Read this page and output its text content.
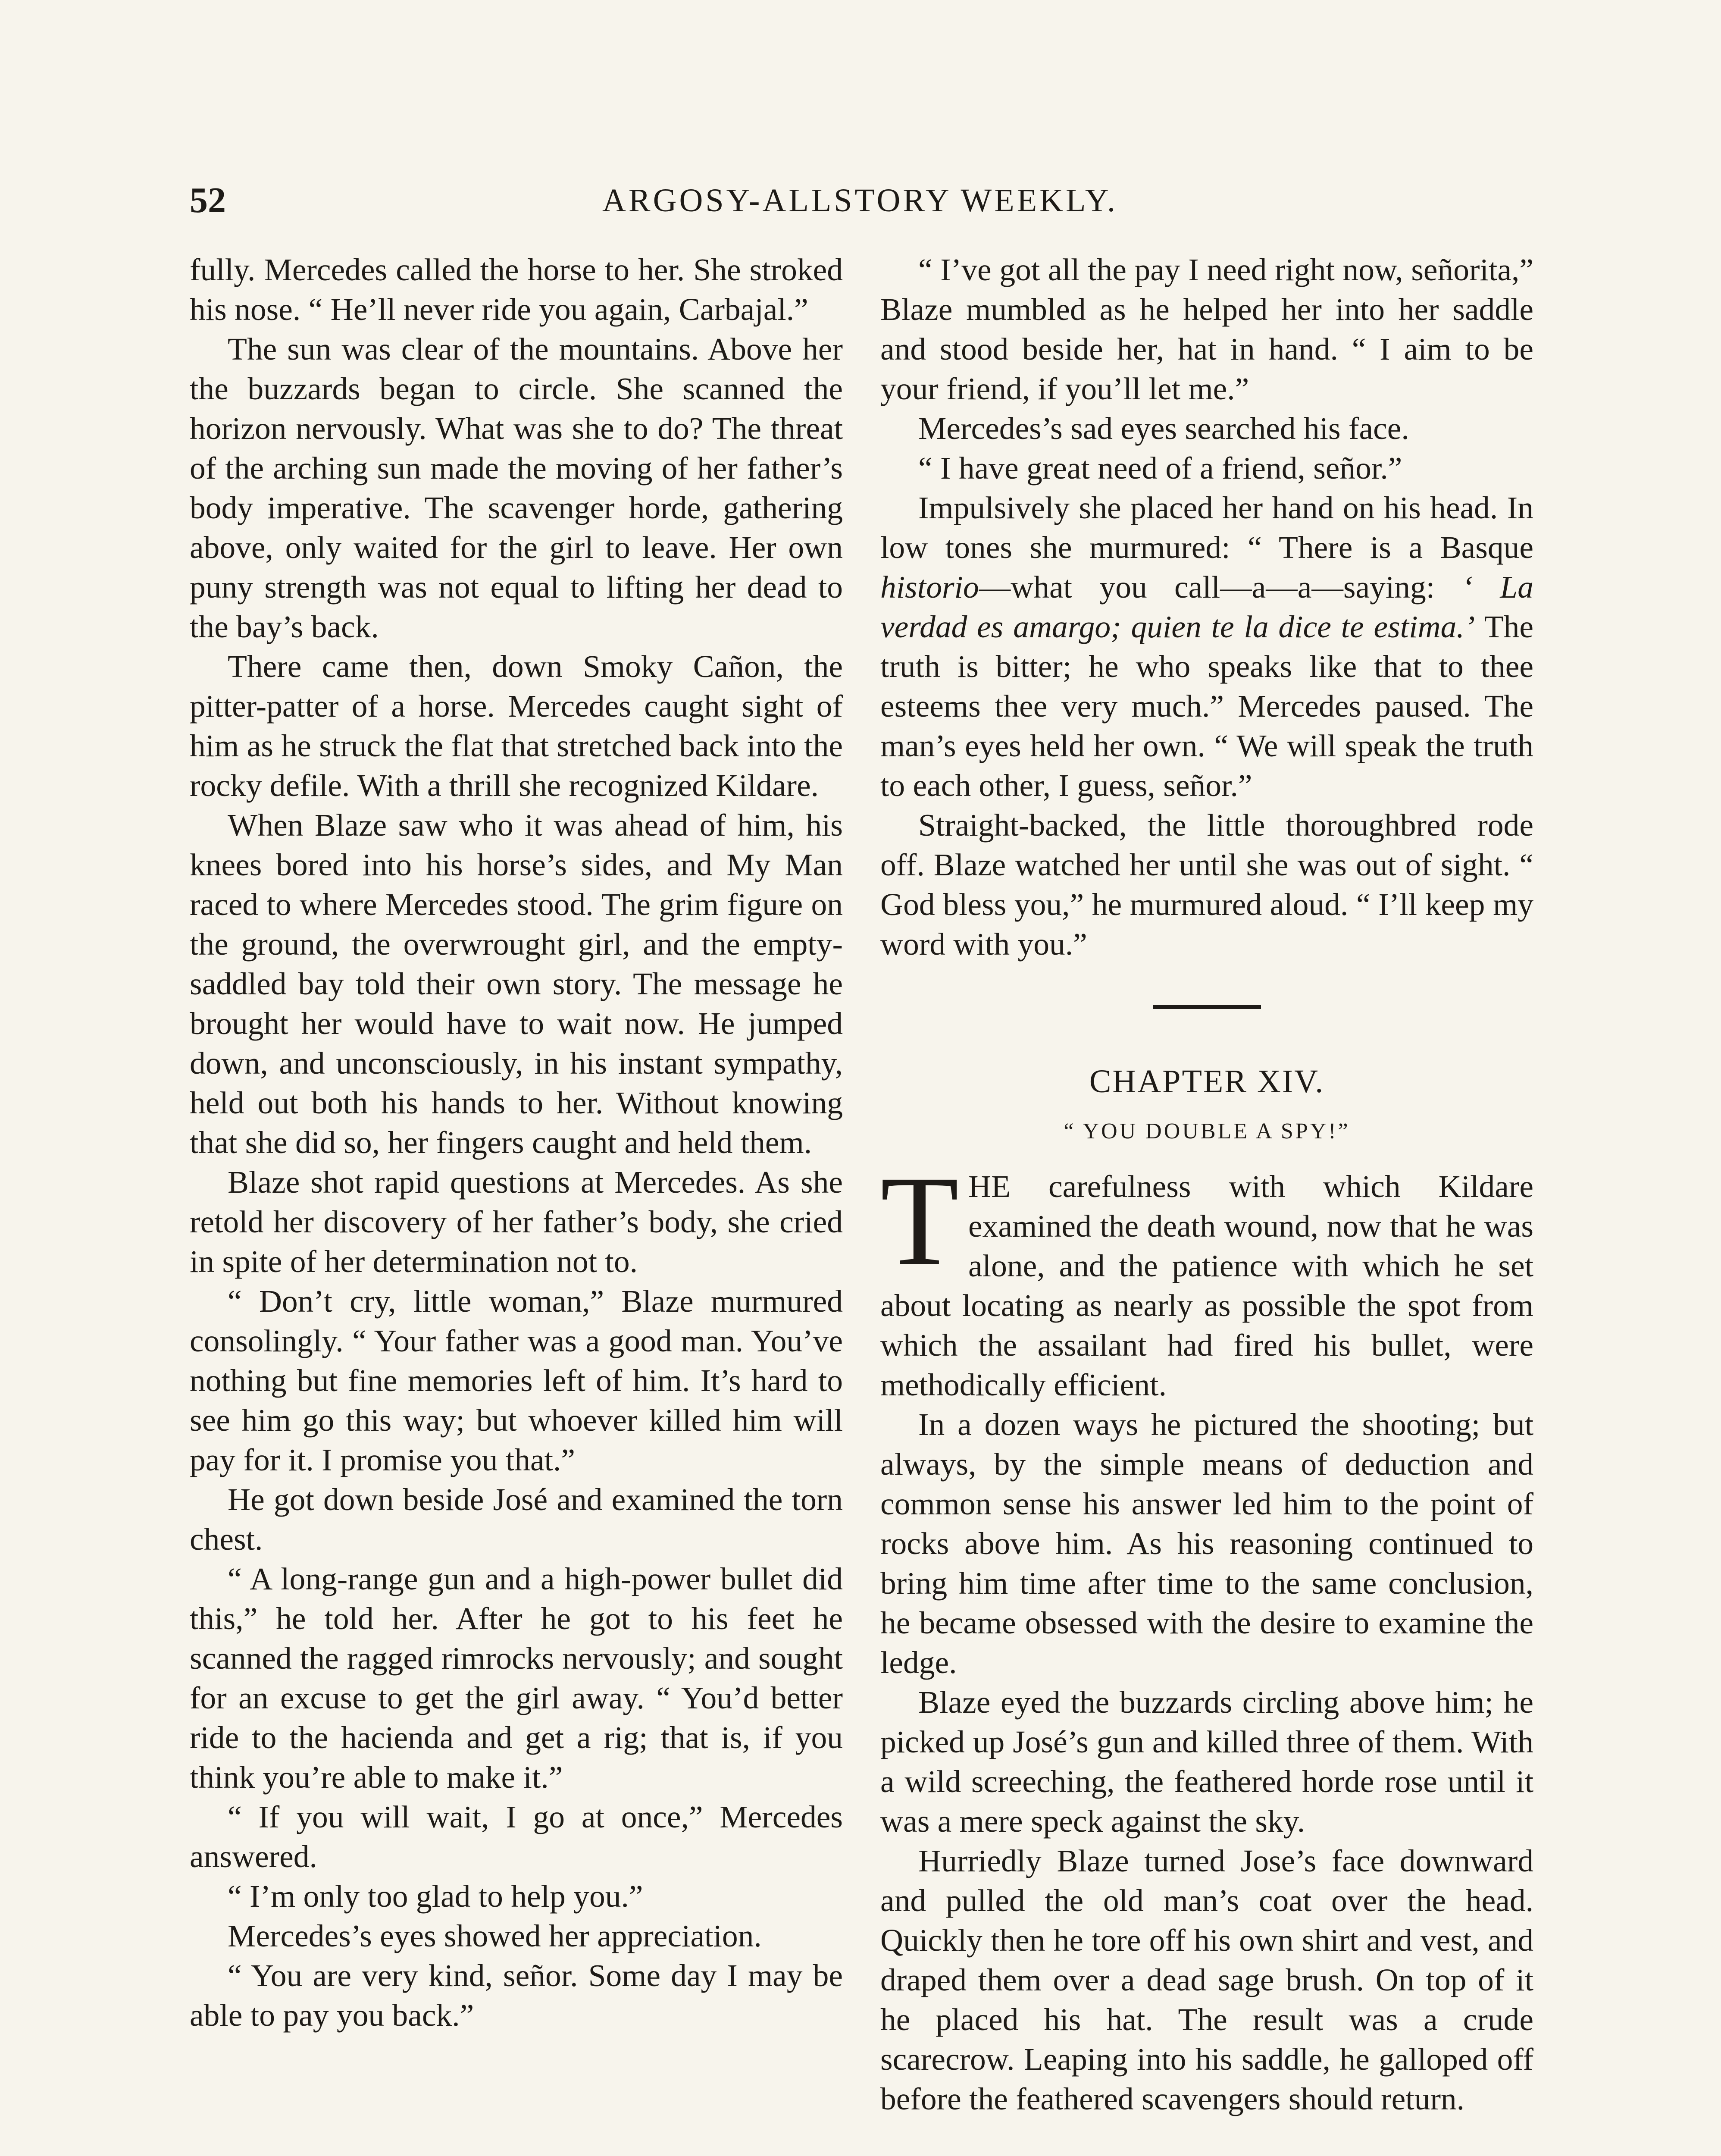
52	ARGOSY-ALLSTORY WEEKLY.

fully. Mercedes called the horse to her. She stroked his nose. “ He’ll never ride you again, Carbajal.”

The sun was clear of the mountains. Above her the buzzards began to circle. She scanned the horizon nervously. What was she to do? The threat of the arching sun made the moving of her father’s body imperative. The scavenger horde, gathering above, only waited for the girl to leave. Her own puny strength was not equal to lifting her dead to the bay’s back.

There came then, down Smoky Cañon, the pitter-patter of a horse. Mercedes caught sight of him as he struck the flat that stretched back into the rocky defile. With a thrill she recognized Kildare.

When Blaze saw who it was ahead of him, his knees bored into his horse’s sides, and My Man raced to where Mercedes stood. The grim figure on the ground, the overwrought girl, and the empty-saddled bay told their own story. The message he brought her would have to wait now. He jumped down, and unconsciously, in his instant sympathy, held out both his hands to her. Without knowing that she did so, her fingers caught and held them.

Blaze shot rapid questions at Mercedes. As she retold her discovery of her father’s body, she cried in spite of her determination not to.

“ Don’t cry, little woman,” Blaze murmured consolingly. “ Your father was a good man. You’ve nothing but fine memories left of him. It’s hard to see him go this way; but whoever killed him will pay for it. I promise you that.”

He got down beside José and examined the torn chest.

“ A long-range gun and a high-power bullet did this,” he told her. After he got to his feet he scanned the ragged rimrocks nervously; and sought for an excuse to get the girl away. “ You’d better ride to the hacienda and get a rig; that is, if you think you’re able to make it.”

“ If you will wait, I go at once,” Mercedes answered.

“ I’m only too glad to help you.”

Mercedes’s eyes showed her appreciation.

“ You are very kind, señor. Some day I may be able to pay you back.”

“ I’ve got all the pay I need right now, señorita,” Blaze mumbled as he helped her into her saddle and stood beside her, hat in hand. “ I aim to be your friend, if you’ll let me.”

Mercedes’s sad eyes searched his face.

“ I have great need of a friend, señor.”

Impulsively she placed her hand on his head. In low tones she murmured: “ There is a Basque historio—what you call—a—a—saying: ‘ La verdad es amargo; quien te la dice te estima.’ The truth is bitter; he who speaks like that to thee esteems thee very much.” Mercedes paused. The man’s eyes held her own. “ We will speak the truth to each other, I guess, señor.”

Straight-backed, the little thoroughbred rode off. Blaze watched her until she was out of sight. “ God bless you,” he murmured aloud. “ I’ll keep my word with you.”

CHAPTER XIV.
“ YOU DOUBLE A SPY!”

THE carefulness with which Kildare examined the death wound, now that he was alone, and the patience with which he set about locating as nearly as possible the spot from which the assailant had fired his bullet, were methodically efficient.

In a dozen ways he pictured the shooting; but always, by the simple means of deduction and common sense his answer led him to the point of rocks above him. As his reasoning continued to bring him time after time to the same conclusion, he became obsessed with the desire to examine the ledge.

Blaze eyed the buzzards circling above him; he picked up José’s gun and killed three of them. With a wild screeching, the feathered horde rose until it was a mere speck against the sky.

Hurriedly Blaze turned Jose’s face downward and pulled the old man’s coat over the head. Quickly then he tore off his own shirt and vest, and draped them over a dead sage brush. On top of it he placed his hat. The result was a crude scarecrow. Leaping into his saddle, he galloped off before the feathered scavengers should return.
